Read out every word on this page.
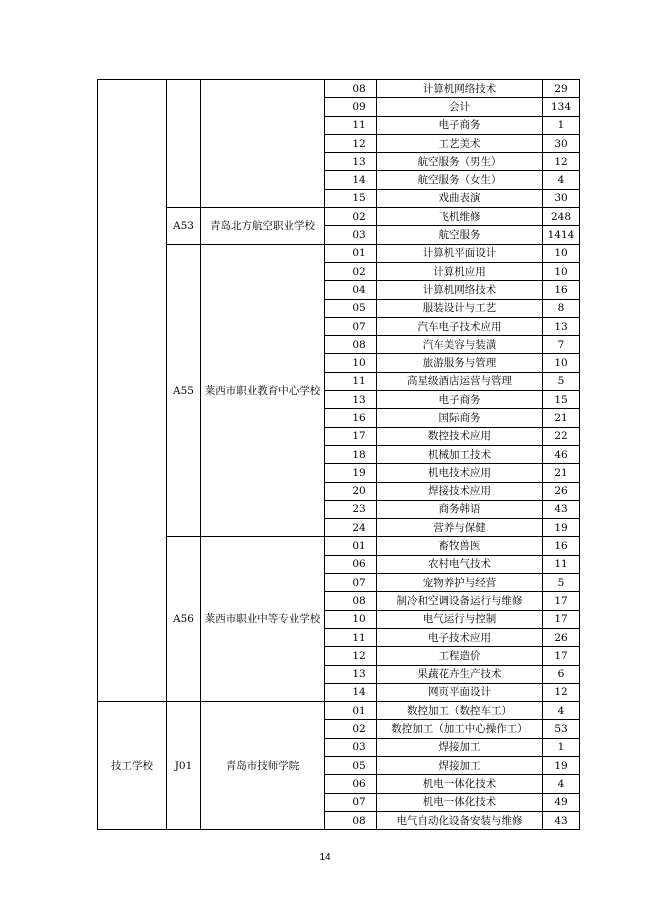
			08	计算机网络技术	29
			09	会计	134
			11	电子商务	1
			12	工艺美术	30
			13	航空服务（男生）	12
			14	航空服务（女生）	4
			15	戏曲表演	30
	A53	青岛北方航空职业学校	02	飞机维修	248
			03	航空服务	1414
	A55	莱西市职业教育中心学校	01	计算机平面设计	10
			02	计算机应用	10
			04	计算机网络技术	16
			05	服装设计与工艺	8
			07	汽车电子技术应用	13
			08	汽车美容与装潢	7
			10	旅游服务与管理	10
			11	高星级酒店运营与管理	5
			13	电子商务	15
			16	国际商务	21
			17	数控技术应用	22
			18	机械加工技术	46
			19	机电技术应用	21
			20	焊接技术应用	26
			23	商务韩语	43
			24	营养与保健	19
	A56	莱西市职业中等专业学校	01	畜牧兽医	16
			06	农村电气技术	11
			07	宠物养护与经营	5
			08	制冷和空调设备运行与维修	17
			10	电气运行与控制	17
			11	电子技术应用	26
			12	工程造价	17
			13	果蔬花卉生产技术	6
			14	网页平面设计	12
技工学校	J01	青岛市技师学院	01	数控加工（数控车工）	4
			02	数控加工（加工中心操作工）	53
			03	焊接加工	1
			05	焊接加工	19
			06	机电一体化技术	4
			07	机电一体化技术	49
			08	电气自动化设备安装与维修	43
14
